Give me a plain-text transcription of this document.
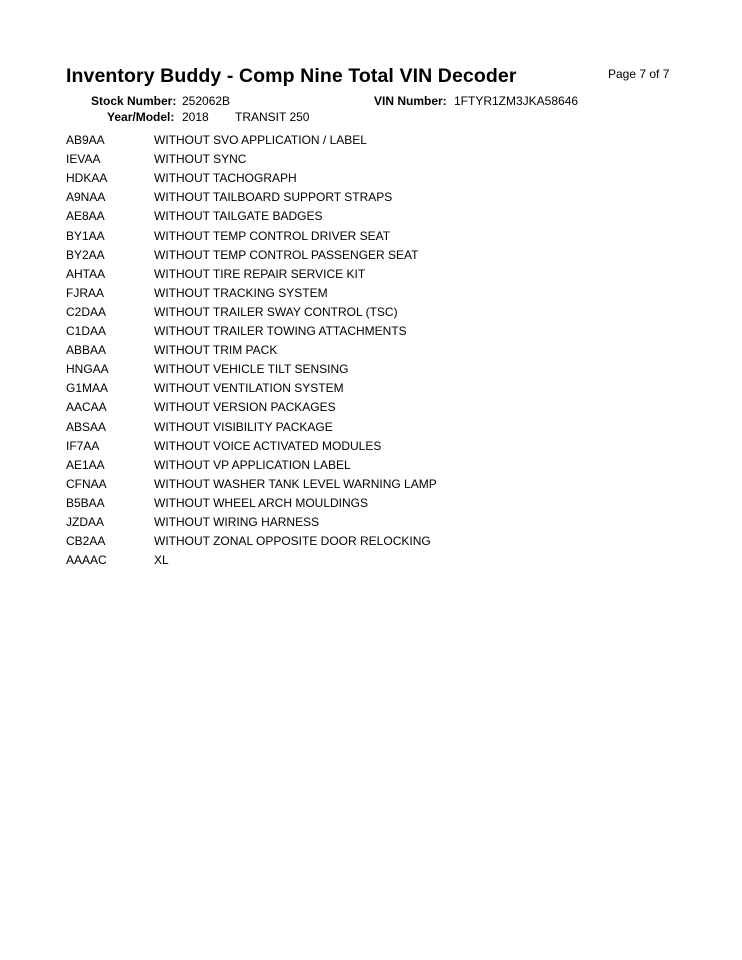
Inventory Buddy - Comp Nine Total VIN Decoder	Page 7 of 7
Stock Number: 252062B	VIN Number: 1FTYR1ZM3JKA58646
Year/Model: 2018 TRANSIT 250
AB9AA	WITHOUT SVO APPLICATION / LABEL
IEVAA	WITHOUT SYNC
HDKAA	WITHOUT TACHOGRAPH
A9NAA	WITHOUT TAILBOARD SUPPORT STRAPS
AE8AA	WITHOUT TAILGATE BADGES
BY1AA	WITHOUT TEMP CONTROL DRIVER SEAT
BY2AA	WITHOUT TEMP CONTROL PASSENGER SEAT
AHTAA	WITHOUT TIRE REPAIR SERVICE KIT
FJRAA	WITHOUT TRACKING SYSTEM
C2DAA	WITHOUT TRAILER SWAY CONTROL (TSC)
C1DAA	WITHOUT TRAILER TOWING ATTACHMENTS
ABBAA	WITHOUT TRIM PACK
HNGAA	WITHOUT VEHICLE TILT SENSING
G1MAA	WITHOUT VENTILATION SYSTEM
AACAA	WITHOUT VERSION PACKAGES
ABSAA	WITHOUT VISIBILITY PACKAGE
IF7AA	WITHOUT VOICE ACTIVATED MODULES
AE1AA	WITHOUT VP APPLICATION LABEL
CFNAA	WITHOUT WASHER TANK LEVEL WARNING LAMP
B5BAA	WITHOUT WHEEL ARCH MOULDINGS
JZDAA	WITHOUT WIRING HARNESS
CB2AA	WITHOUT ZONAL OPPOSITE DOOR RELOCKING
AAAAC	XL
